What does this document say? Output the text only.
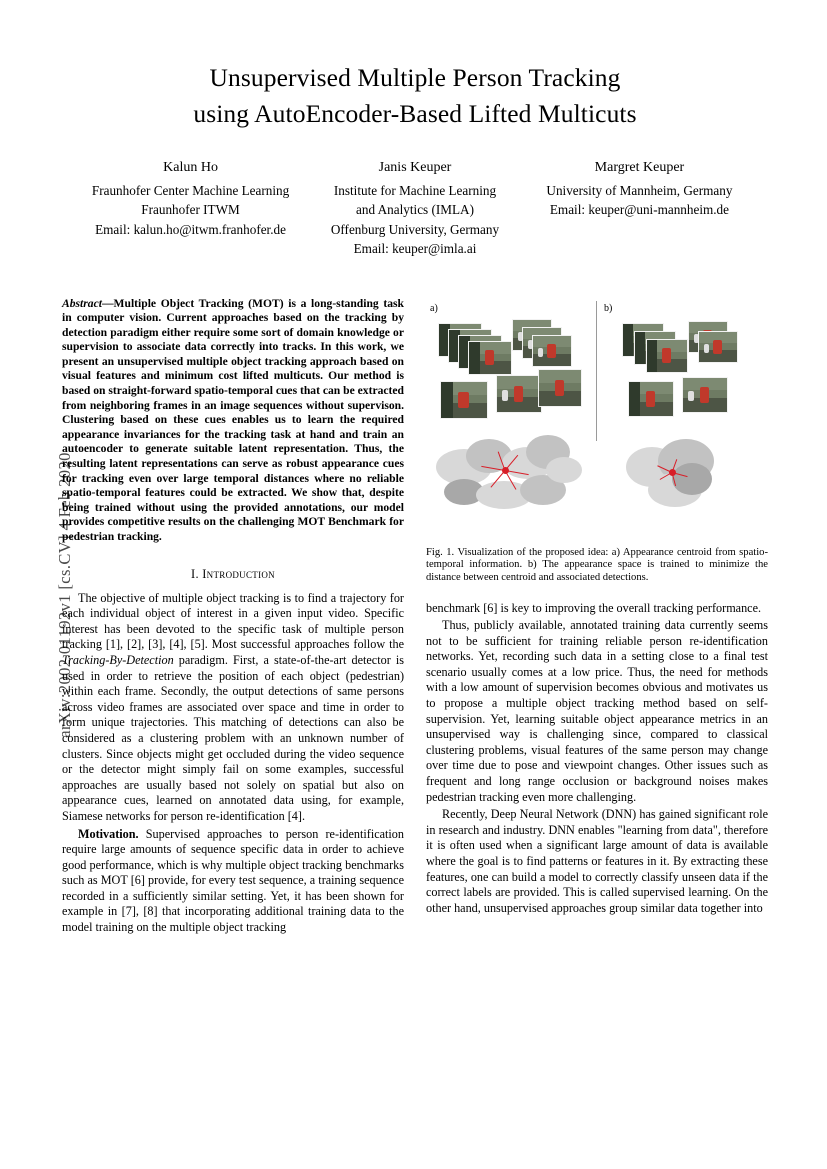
arXiv:2002.01192v1 [cs.CV] 4 Feb 2020
Unsupervised Multiple Person Tracking
using AutoEncoder-Based Lifted Multicuts
Kalun Ho
Fraunhofer Center Machine Learning
Fraunhofer ITWM
Email: kalun.ho@itwm.franhofer.de
Janis Keuper
Institute for Machine Learning
and Analytics (IMLA)
Offenburg University, Germany
Email: keuper@imla.ai
Margret Keuper
University of Mannheim, Germany
Email: keuper@uni-mannheim.de
Abstract—Multiple Object Tracking (MOT) is a long-standing task in computer vision. Current approaches based on the tracking by detection paradigm either require some sort of domain knowledge or supervision to associate data correctly into tracks. In this work, we present an unsupervised multiple object tracking approach based on visual features and minimum cost lifted multicuts. Our method is based on straight-forward spatio-temporal cues that can be extracted from neighboring frames in an image sequences without supervison. Clustering based on these cues enables us to learn the required appearance invariances for the tracking task at hand and train an autoencoder to generate suitable latent representation. Thus, the resulting latent representations can serve as robust appearance cues for tracking even over large temporal distances where no reliable spatio-temporal features could be extracted. We show that, despite being trained without using the provided annotations, our model provides competitive results on the challenging MOT Benchmark for pedestrian tracking.
I. Introduction

The objective of multiple object tracking is to find a trajectory for each individual object of interest in a given input video. Specific interest has been devoted to the specific task of multiple person tracking [1], [2], [3], [4], [5]. Most successful approaches follow the Tracking-By-Detection paradigm. First, a state-of-the-art detector is used in order to retrieve the position of each object (pedestrian) within each frame. Secondly, the output detections of same persons across video frames are associated over space and time in order to form unique trajectories. This matching of detections can also be considered as a clustering problem with an unknown number of clusters. Since objects might get occluded during the video sequence or the detector might simply fail on some examples, successful approaches are usually based not solely on spatial but also on appearance cues, learned on annotated data using, for example, Siamese networks for person re-identification [4].

Motivation. Supervised approaches to person re-identification require large amounts of sequence specific data in order to achieve good performance, which is why multiple object tracking benchmarks such as MOT [6] provide, for every test sequence, a training sequence recorded in a sufficiently similar setting. Yet, it has been shown for example in [7], [8] that incorporating additional training data to the model training on the multiple object tracking

a)	b)
Fig. 1. Visualization of the proposed idea: a) Appearance centroid from spatio-temporal information. b) The appearance space is trained to minimize the distance between centroid and associated detections.

benchmark [6] is key to improving the overall tracking performance.

Thus, publicly available, annotated training data currently seems not to be sufficient for training reliable person re-identification networks. Yet, recording such data in a setting close to a final test scenario usually comes at a low price. Thus, the need for methods with a low amount of supervision becomes obvious and motivates us to propose a multiple object tracking method based on self-supervision. Yet, learning suitable object appearance metrics in an unsupervised way is challenging since, compared to classical clustering problems, visual features of the same person may change over time due to pose and viewpoint changes. Other issues such as frequent and long range occlusion or background noises makes pedestrian tracking even more challenging.

Recently, Deep Neural Network (DNN) has gained significant role in research and industry. DNN enables "learning from data", therefore it is often used when a significant large amount of data is available where the goal is to find patterns or features in it. By extracting these features, one can build a model to correctly classify unseen data if the correct labels are provided. This is called supervised learning. On the other hand, unsupervised approaches group similar data together into
